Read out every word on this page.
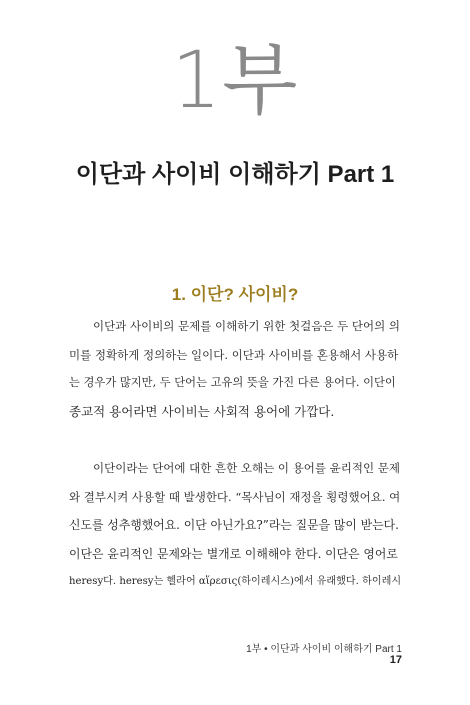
1부
이단과 사이비 이해하기 Part 1
1. 이단? 사이비?
이단과 사이비의 문제를 이해하기 위한 첫걸음은 두 단어의 의
미를 정확하게 정의하는 일이다. 이단과 사이비를 혼용해서 사용하
는 경우가 많지만, 두 단어는 고유의 뜻을 가진 다른 용어다. 이단이
종교적 용어라면 사이비는 사회적 용어에 가깝다.
이단이라는 단어에 대한 흔한 오해는 이 용어를 윤리적인 문제
와 결부시켜 사용할 때 발생한다. “목사님이 재정을 횡령했어요. 여
신도를 성추행했어요. 이단 아닌가요?”라는 질문을 많이 받는다.
이단은 윤리적인 문제와는 별개로 이해해야 한다. 이단은 영어로
heresy다. heresy는 헬라어 αἵρεσις(하이레시스)에서 유래했다. 하이레시
1부 • 이단과 사이비 이해하기 Part 1
17
